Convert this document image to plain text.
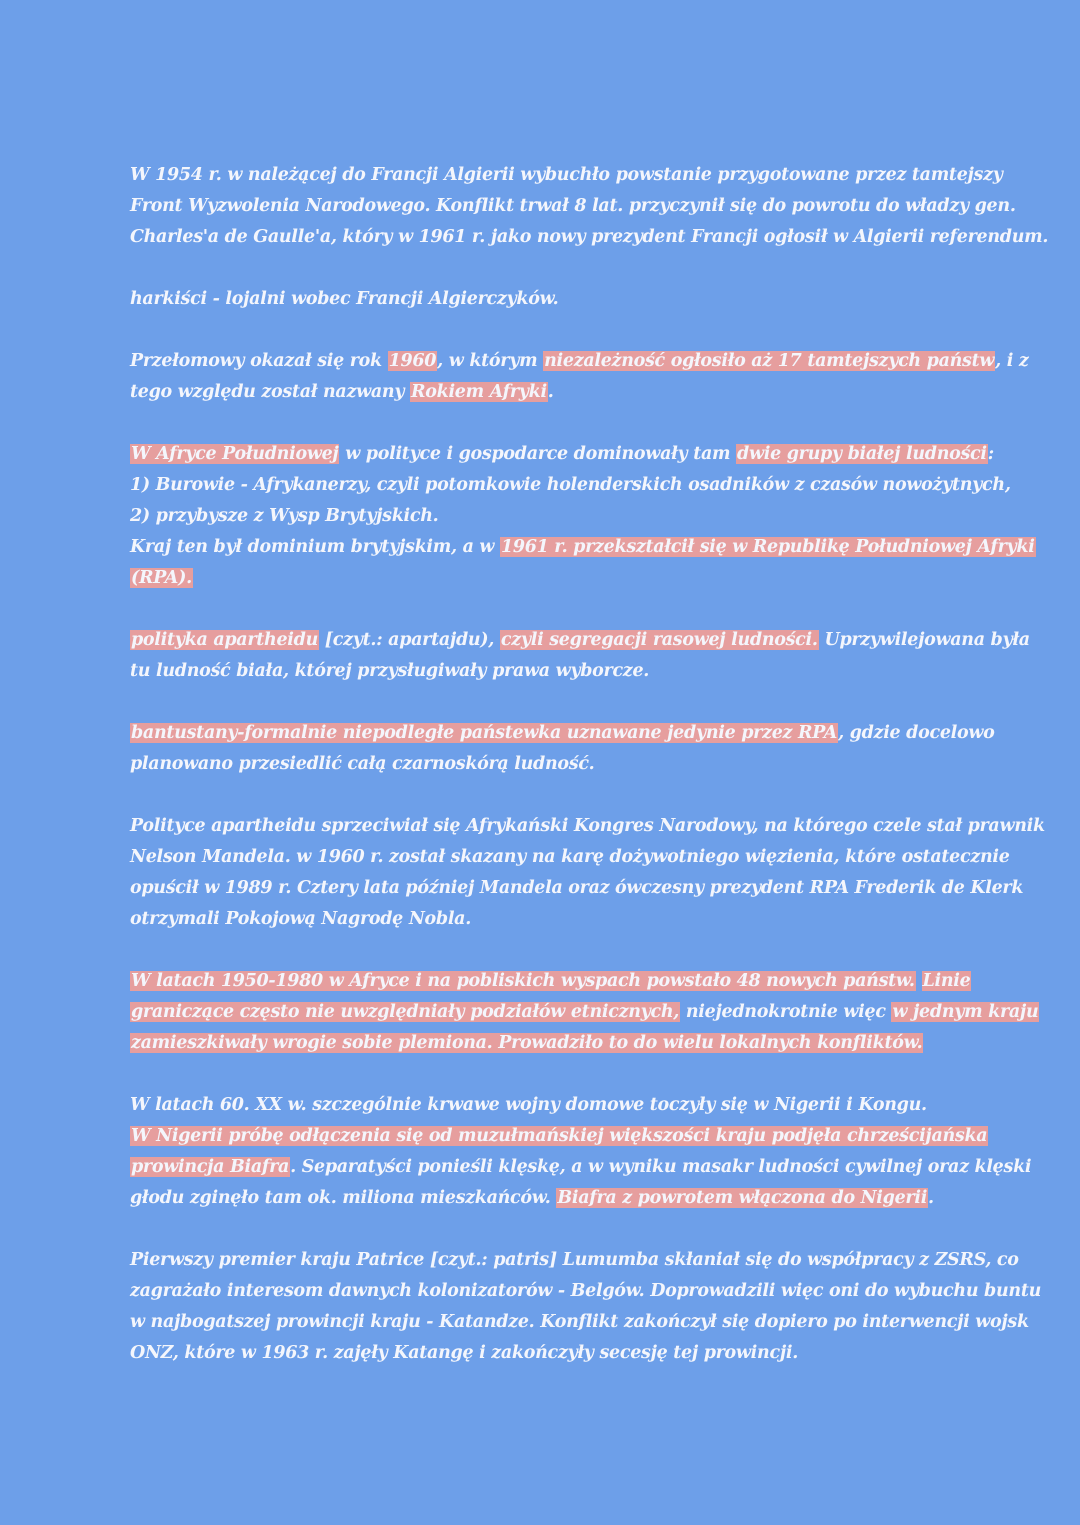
W 1954 r. w należącej do Francji Algierii wybuchło powstanie przygotowane przez tamtejszy
Front Wyzwolenia Narodowego. Konflikt trwał 8 lat. przyczynił się do powrotu do władzy gen.
Charles'a de Gaulle'a, który w 1961 r. jako nowy prezydent Francji ogłosił w Algierii referendum.

harkiści - lojalni wobec Francji Algierczyków.

Przełomowy okazał się rok 1960, w którym niezależność ogłosiło aż 17 tamtejszych państw, i z
tego względu został nazwany Rokiem Afryki.

W Afryce Południowej w polityce i gospodarce dominowały tam dwie grupy białej ludności:
1) Burowie - Afrykanerzy, czyli potomkowie holenderskich osadników z czasów nowożytnych,
2) przybysze z Wysp Brytyjskich.
Kraj ten był dominium brytyjskim, a w 1961 r. przekształcił się w Republikę Południowej Afryki
(RPA).

polityka apartheidu [czyt.: apartajdu), czyli segregacji rasowej ludności. Uprzywilejowana była
tu ludność biała, której przysługiwały prawa wyborcze.

bantustany-formalnie niepodległe państewka uznawane jedynie przez RPA, gdzie docelowo
planowano przesiedlić całą czarnoskórą ludność.

Polityce apartheidu sprzeciwiał się Afrykański Kongres Narodowy, na którego czele stał prawnik
Nelson Mandela. w 1960 r. został skazany na karę dożywotniego więzienia, które ostatecznie
opuścił w 1989 r. Cztery lata później Mandela oraz ówczesny prezydent RPA Frederik de Klerk
otrzymali Pokojową Nagrodę Nobla.

W latach 1950-1980 w Afryce i na pobliskich wyspach powstało 48 nowych państw. Linie
graniczące często nie uwzględniały podziałów etnicznych, niejednokrotnie więc w jednym kraju
zamieszkiwały wrogie sobie plemiona. Prowadziło to do wielu lokalnych konfliktów.

W latach 60. XX w. szczególnie krwawe wojny domowe toczyły się w Nigerii i Kongu.
W Nigerii próbę odłączenia się od muzułmańskiej większości kraju podjęła chrześcijańska
prowincja Biafra. Separatyści ponieśli klęskę, a w wyniku masakr ludności cywilnej oraz klęski
głodu zginęło tam ok. miliona mieszkańców. Biafra z powrotem włączona do Nigerii.

Pierwszy premier kraju Patrice [czyt.: patris] Lumumba skłaniał się do współpracy z ZSRS, co
zagrażało interesom dawnych kolonizatorów - Belgów. Doprowadzili więc oni do wybuchu buntu
w najbogatszej prowincji kraju - Katandze. Konflikt zakończył się dopiero po interwencji wojsk
ONZ, które w 1963 r. zajęły Katangę i zakończyły secesję tej prowincji.
